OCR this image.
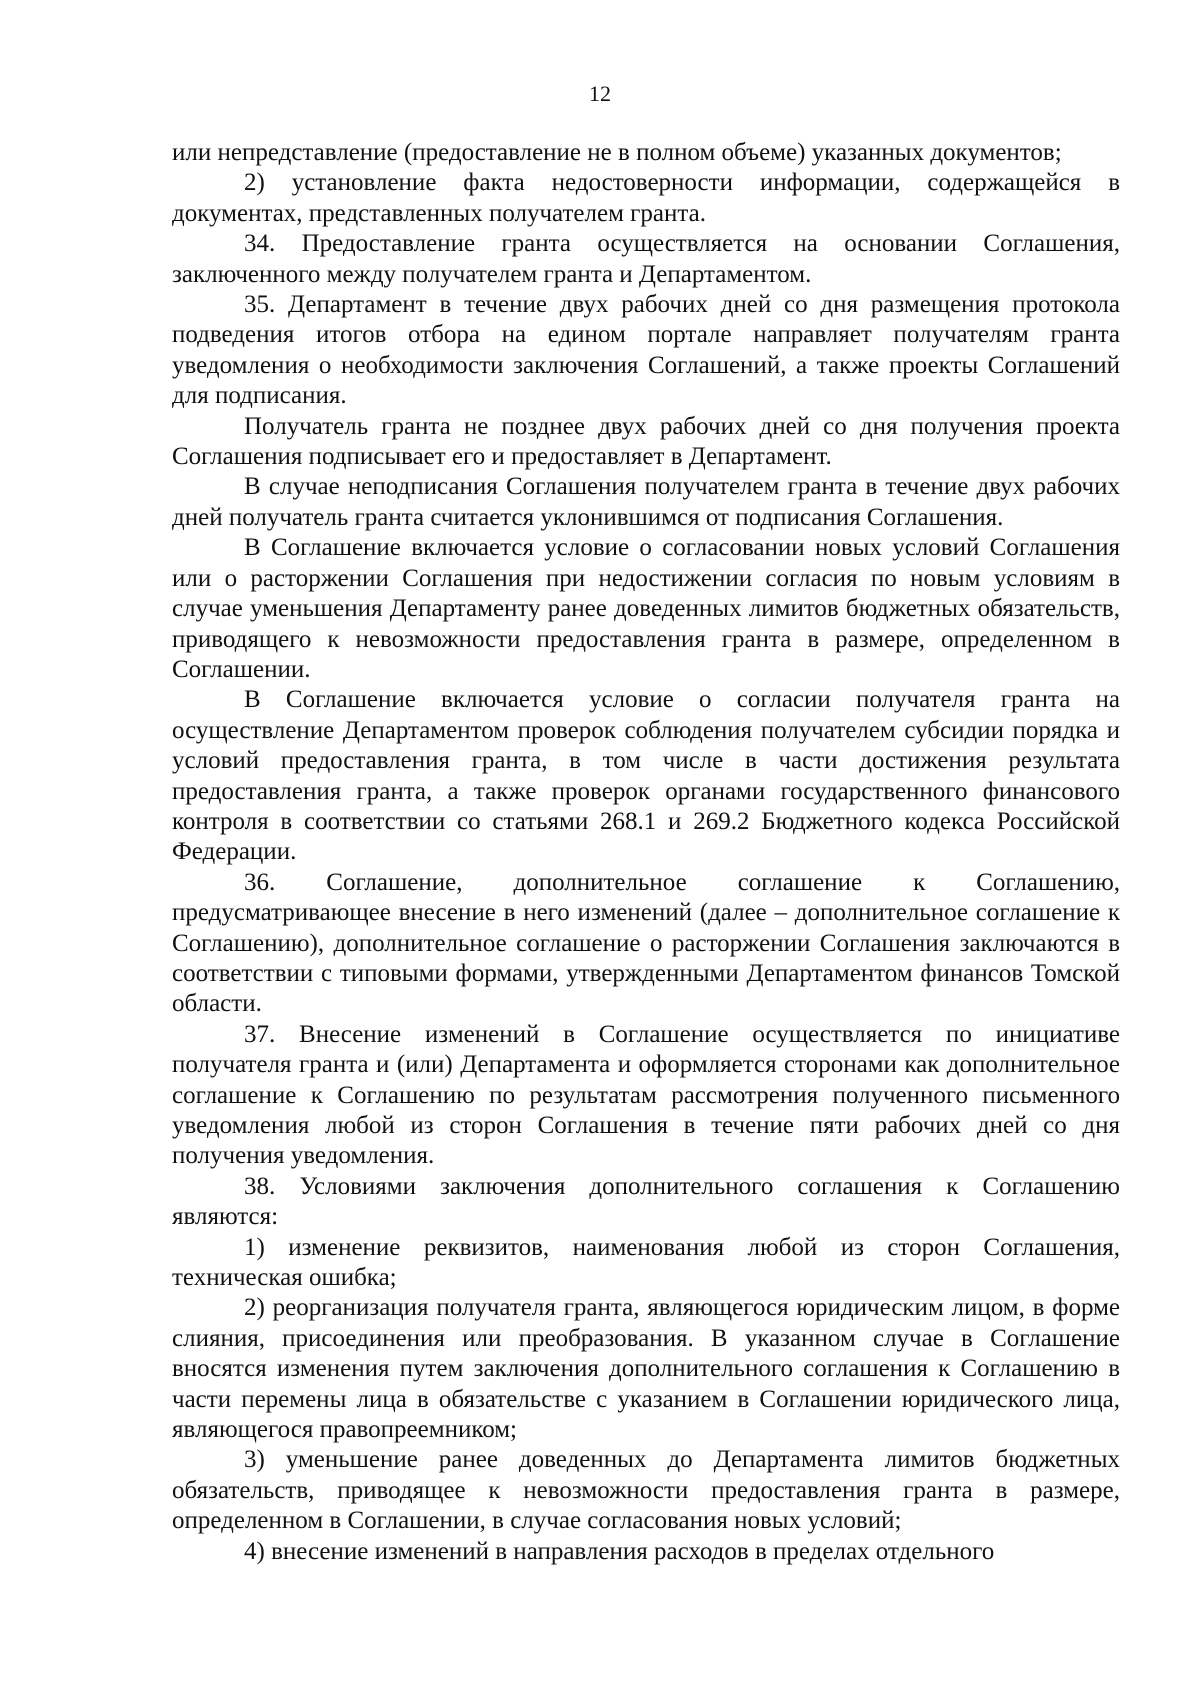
12

или непредставление (предоставление не в полном объеме) указанных документов;

2) установление факта недостоверности информации, содержащейся в документах, представленных получателем гранта.

34. Предоставление гранта осуществляется на основании Соглашения, заключенного между получателем гранта и Департаментом.

35. Департамент в течение двух рабочих дней со дня размещения протокола подведения итогов отбора на едином портале направляет получателям гранта уведомления о необходимости заключения Соглашений, а также проекты Соглашений для подписания.

Получатель гранта не позднее двух рабочих дней со дня получения проекта Соглашения подписывает его и предоставляет в Департамент.

В случае неподписания Соглашения получателем гранта в течение двух рабочих дней получатель гранта считается уклонившимся от подписания Соглашения.

В Соглашение включается условие о согласовании новых условий Соглашения или о расторжении Соглашения при недостижении согласия по новым условиям в случае уменьшения Департаменту ранее доведенных лимитов бюджетных обязательств, приводящего к невозможности предоставления гранта в размере, определенном в Соглашении.

В Соглашение включается условие о согласии получателя гранта на осуществление Департаментом проверок соблюдения получателем субсидии порядка и условий предоставления гранта, в том числе в части достижения результата предоставления гранта, а также проверок органами государственного финансового контроля в соответствии со статьями 268.1 и 269.2 Бюджетного кодекса Российской Федерации.

36. Соглашение, дополнительное соглашение к Соглашению, предусматривающее внесение в него изменений (далее – дополнительное соглашение к Соглашению), дополнительное соглашение о расторжении Соглашения заключаются в соответствии с типовыми формами, утвержденными Департаментом финансов Томской области.

37. Внесение изменений в Соглашение осуществляется по инициативе получателя гранта и (или) Департамента и оформляется сторонами как дополнительное соглашение к Соглашению по результатам рассмотрения полученного письменного уведомления любой из сторон Соглашения в течение пяти рабочих дней со дня получения уведомления.

38. Условиями заключения дополнительного соглашения к Соглашению являются:

1) изменение реквизитов, наименования любой из сторон Соглашения, техническая ошибка;

2) реорганизация получателя гранта, являющегося юридическим лицом, в форме слияния, присоединения или преобразования. В указанном случае в Соглашение вносятся изменения путем заключения дополнительного соглашения к Соглашению в части перемены лица в обязательстве с указанием в Соглашении юридического лица, являющегося правопреемником;

3) уменьшение ранее доведенных до Департамента лимитов бюджетных обязательств, приводящее к невозможности предоставления гранта в размере, определенном в Соглашении, в случае согласования новых условий;

4) внесение изменений в направления расходов в пределах отдельного
